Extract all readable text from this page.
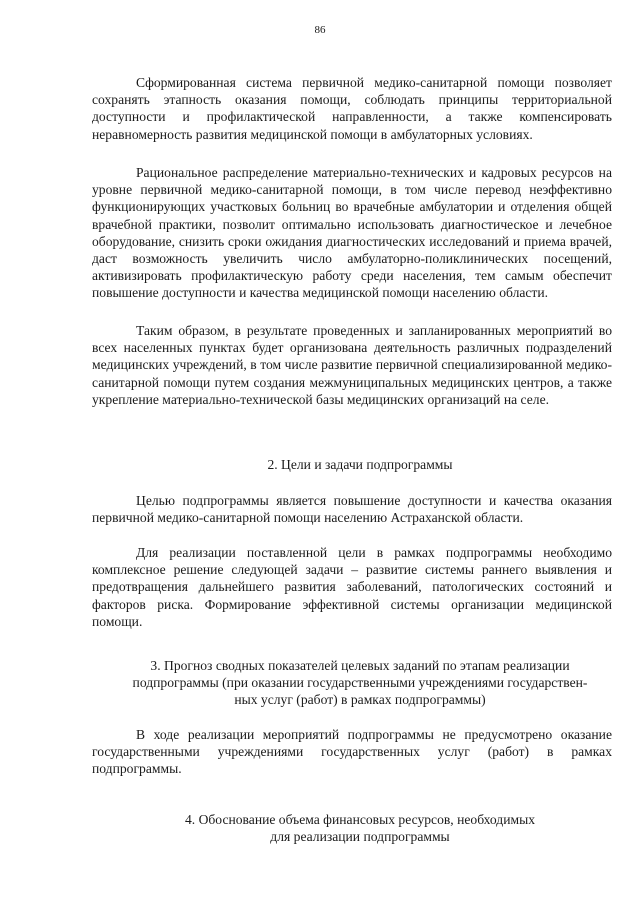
86

Сформированная система первичной медико-санитарной помощи позволяет сохранять этапность оказания помощи, соблюдать принципы территориальной доступности и профилактической направленности, а также компенсировать неравномерность развития медицинской помощи в амбулаторных условиях.

Рациональное распределение материально-технических и кадровых ресурсов на уровне первичной медико-санитарной помощи, в том числе перевод неэффективно функционирующих участковых больниц во врачебные амбулатории и отделения общей врачебной практики, позволит оптимально использовать диагностическое и лечебное оборудование, снизить сроки ожидания диагностических исследований и приема врачей, даст возможность увеличить число амбулаторно-поликлинических посещений, активизировать профилактическую работу среди населения, тем самым обеспечит повышение доступности и качества медицинской помощи населению области.

Таким образом, в результате проведенных и запланированных мероприятий во всех населенных пунктах будет организована деятельность различных подразделений медицинских учреждений, в том числе развитие первичной специализированной медико-санитарной помощи путем создания межмуниципальных медицинских центров, а также укрепление материально-технической базы медицинских организаций на селе.

2. Цели и задачи подпрограммы

Целью подпрограммы является повышение доступности и качества оказания первичной медико-санитарной помощи населению Астраханской области.

Для реализации поставленной цели в рамках подпрограммы необходимо комплексное решение следующей задачи – развитие системы раннего выявления и предотвращения дальнейшего развития заболеваний, патологических состояний и факторов риска. Формирование эффективной системы организации медицинской помощи.

3. Прогноз сводных показателей целевых заданий по этапам реализации
подпрограммы (при оказании государственными учреждениями государствен-
ных услуг (работ) в рамках подпрограммы)

В ходе реализации мероприятий подпрограммы не предусмотрено оказание государственными учреждениями государственных услуг (работ) в рамках подпрограммы.

4. Обоснование объема финансовых ресурсов, необходимых
для реализации подпрограммы
